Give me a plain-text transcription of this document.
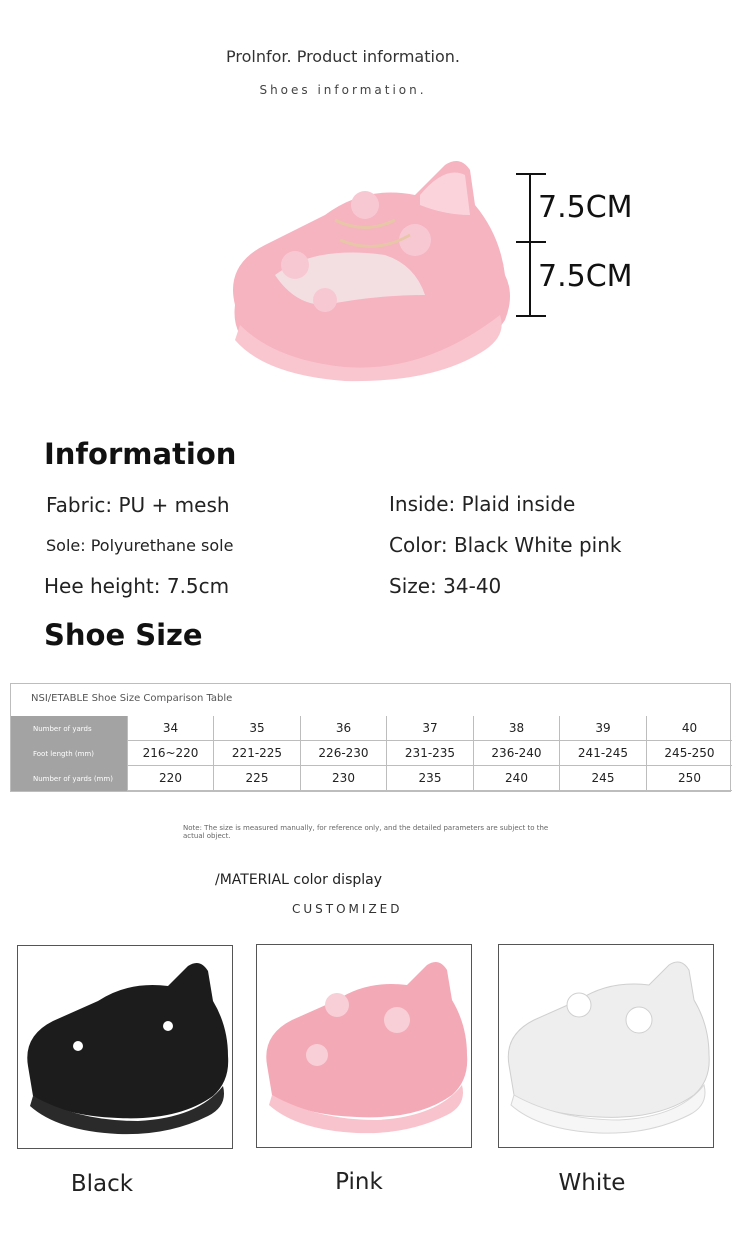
Prolnfor. Product information.
Shoes information.
7.5CM
7.5CM
Information
Fabric: PU + mesh	Inside: Plaid inside
Sole: Polyurethane sole	Color: Black White pink
Hee height: 7.5cm	Size: 34-40
Shoe Size
NSI/ETABLE Shoe Size Comparison Table
Number of yards	34	35	36	37	38	39	40
Foot length (mm)	216~220	221-225	226-230	231-235	236-240	241-245	245-250
Number of yards (mm)	220	225	230	235	240	245	250
Note: The size is measured manually, for reference only, and the detailed parameters are subject to the actual object.
/MATERIAL color display
CUSTOMIZED
Black	Pink	White
